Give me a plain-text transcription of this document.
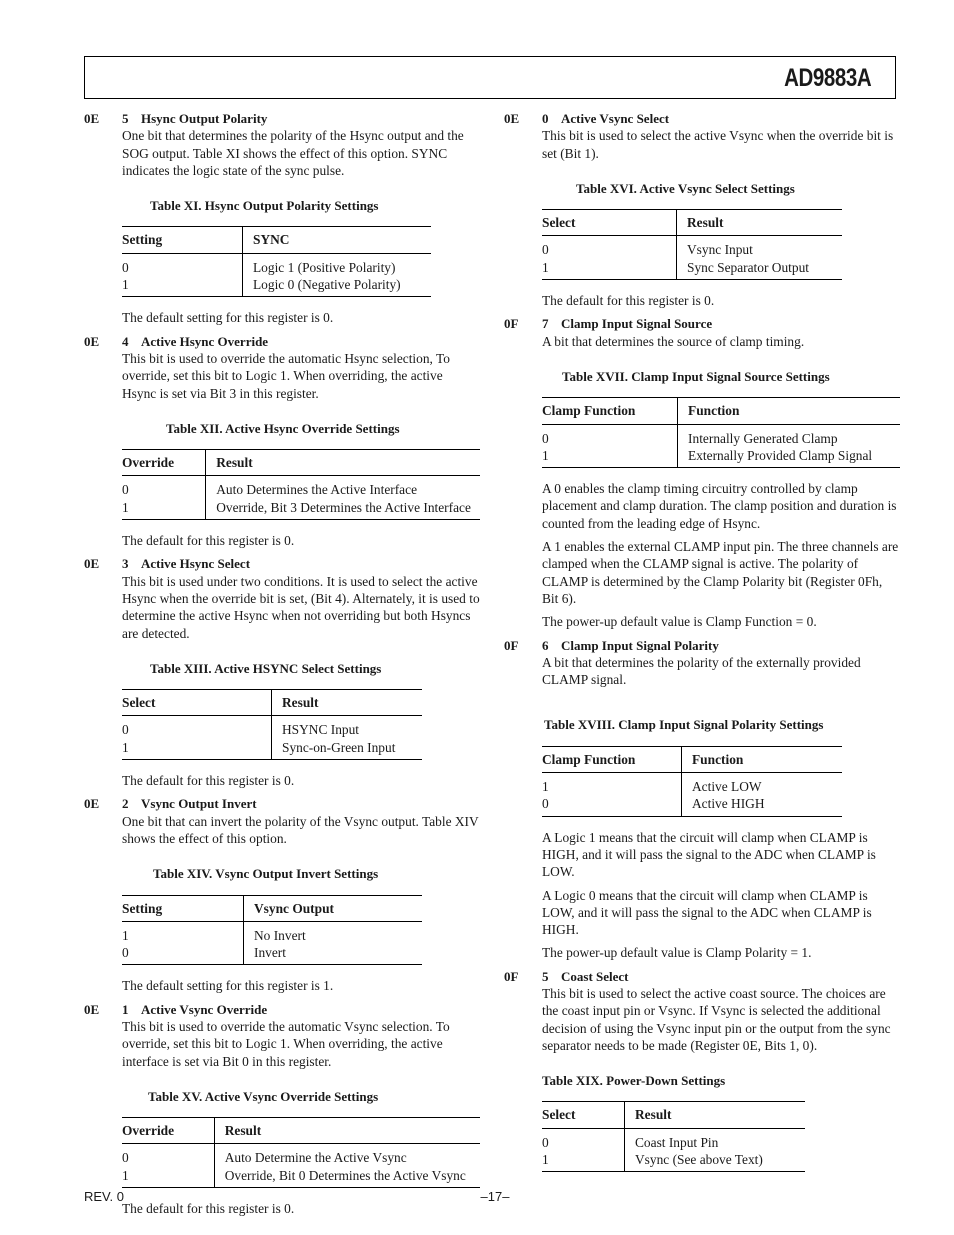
AD9883A
0E	5 Hsync Output Polarity

One bit that determines the polarity of the Hsync output and the SOG output. Table XI shows the effect of this option. SYNC indicates the logic state of the sync pulse.

Table XI. Hsync Output Polarity Settings
Setting	SYNC
0	Logic 1 (Positive Polarity)
1	Logic 0 (Negative Polarity)

The default setting for this register is 0.

0E	4 Active Hsync Override

This bit is used to override the automatic Hsync selection, To override, set this bit to Logic 1. When overriding, the active Hsync is set via Bit 3 in this register.

Table XII. Active Hsync Override Settings
Override	Result
0	Auto Determines the Active Interface
1	Override, Bit 3 Determines the Active Interface

The default for this register is 0.

0E	3 Active Hsync Select

This bit is used under two conditions. It is used to select the active Hsync when the override bit is set, (Bit 4). Alternately, it is used to determine the active Hsync when not overriding but both Hsyncs are detected.

Table XIII. Active HSYNC Select Settings
Select	Result
0	HSYNC Input
1	Sync-on-Green Input

The default for this register is 0.

0E	2 Vsync Output Invert

One bit that can invert the polarity of the Vsync output. Table XIV shows the effect of this option.

Table XIV. Vsync Output Invert Settings
Setting	Vsync Output
1	No Invert
0	Invert

The default setting for this register is 1.

0E	1 Active Vsync Override

This bit is used to override the automatic Vsync selection. To override, set this bit to Logic 1. When overriding, the active interface is set via Bit 0 in this register.

Table XV. Active Vsync Override Settings
Override	Result
0	Auto Determine the Active Vsync
1	Override, Bit 0 Determines the Active Vsync

The default for this register is 0.

0E	0 Active Vsync Select

This bit is used to select the active Vsync when the override bit is set (Bit 1).

Table XVI. Active Vsync Select Settings
Select	Result
0	Vsync Input
1	Sync Separator Output

The default for this register is 0.

0F	7 Clamp Input Signal Source

A bit that determines the source of clamp timing.

Table XVII. Clamp Input Signal Source Settings
Clamp Function	Function
0	Internally Generated Clamp
1	Externally Provided Clamp Signal

A 0 enables the clamp timing circuitry controlled by clamp placement and clamp duration. The clamp position and duration is counted from the leading edge of Hsync.

A 1 enables the external CLAMP input pin. The three channels are clamped when the CLAMP signal is active. The polarity of CLAMP is determined by the Clamp Polarity bit (Register 0Fh, Bit 6).

The power-up default value is Clamp Function = 0.

0F	6 Clamp Input Signal Polarity

A bit that determines the polarity of the externally provided CLAMP signal.

Table XVIII. Clamp Input Signal Polarity Settings
Clamp Function	Function
1	Active LOW
0	Active HIGH

A Logic 1 means that the circuit will clamp when CLAMP is HIGH, and it will pass the signal to the ADC when CLAMP is LOW.

A Logic 0 means that the circuit will clamp when CLAMP is LOW, and it will pass the signal to the ADC when CLAMP is HIGH.

The power-up default value is Clamp Polarity = 1.

0F	5 Coast Select

This bit is used to select the active coast source. The choices are the coast input pin or Vsync. If Vsync is selected the additional decision of using the Vsync input pin or the output from the sync separator needs to be made (Register 0E, Bits 1, 0).

Table XIX. Power-Down Settings
Select	Result
0	Coast Input Pin
1	Vsync (See above Text)
REV. 0	–17–
